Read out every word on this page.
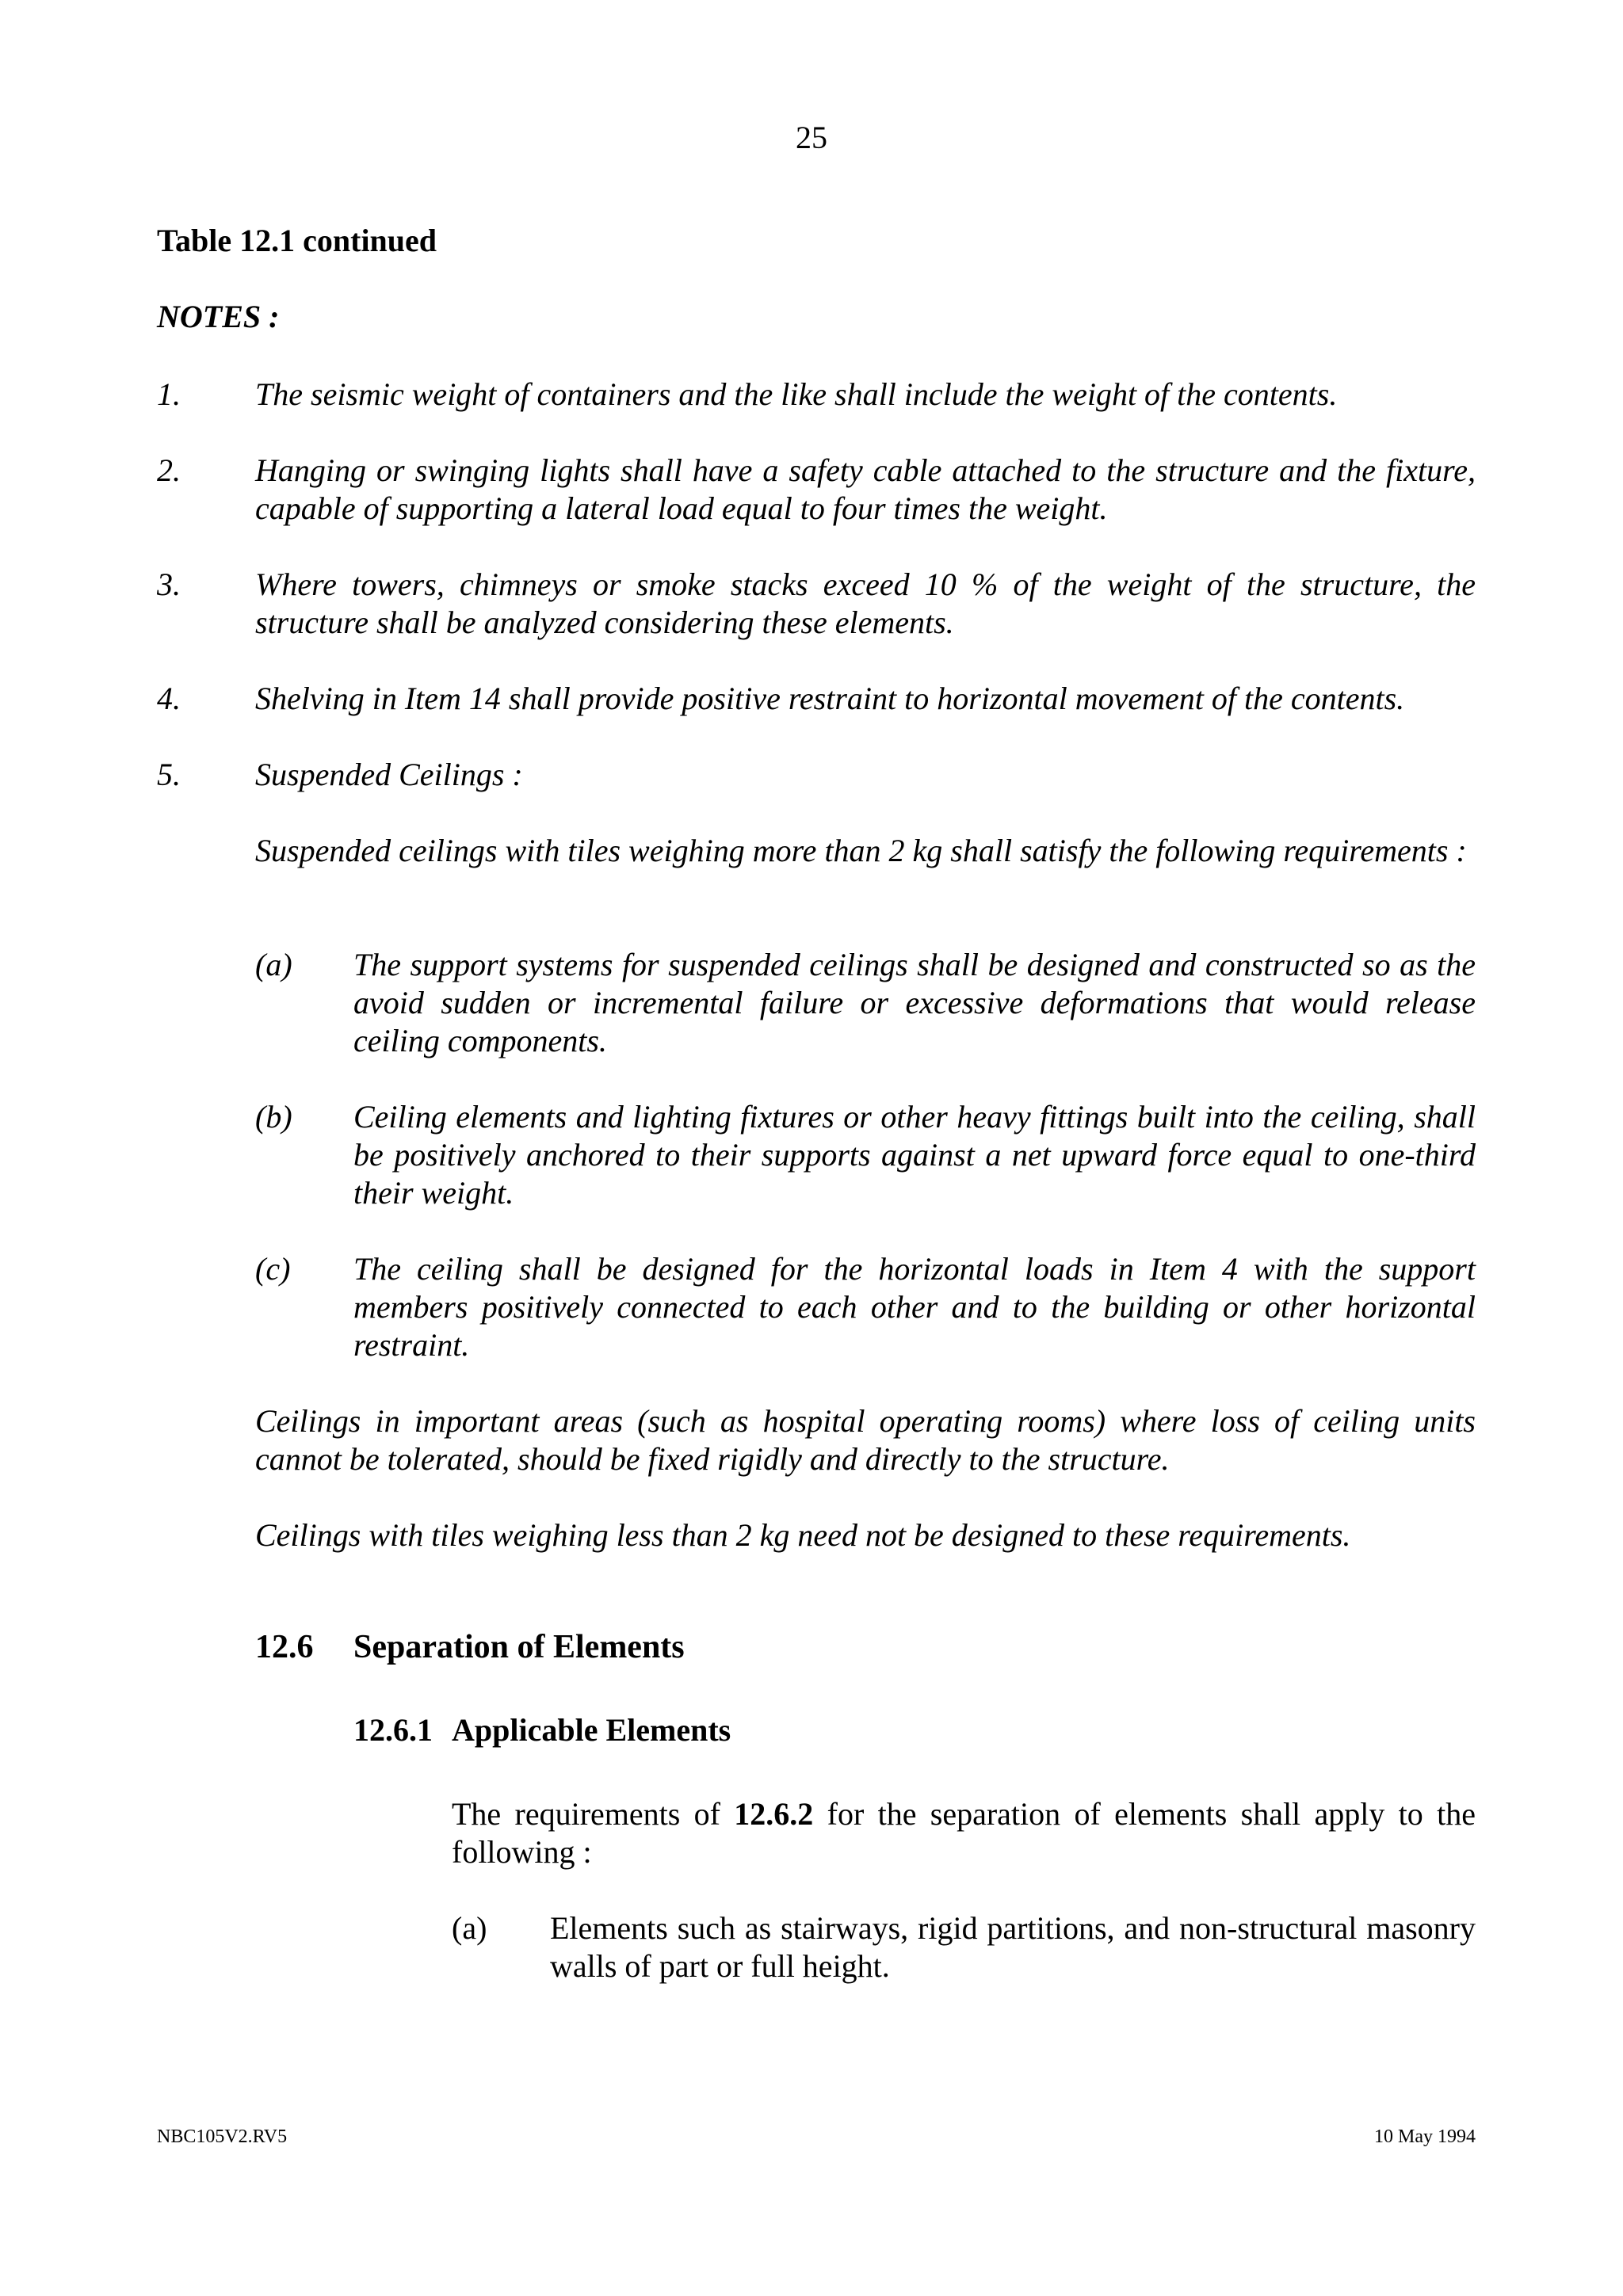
25
Table 12.1 continued
NOTES :
1. The seismic weight of containers and the like shall include the weight of the contents.
2. Hanging or swinging lights shall have a safety cable attached to the structure and the fixture, capable of supporting a lateral load equal to four times the weight.
3. Where towers, chimneys or smoke stacks exceed 10 % of the weight of the structure, the structure shall be analyzed considering these elements.
4. Shelving in Item 14 shall provide positive restraint to horizontal movement of the contents.
5. Suspended Ceilings :
Suspended ceilings with tiles weighing more than 2 kg shall satisfy the following requirements :
(a) The support systems for suspended ceilings shall be designed and constructed so as the avoid sudden or incremental failure or excessive deformations that would release ceiling components.
(b) Ceiling elements and lighting fixtures or other heavy fittings built into the ceiling, shall be positively anchored to their supports against a net upward force equal to one-third their weight.
(c) The ceiling shall be designed for the horizontal loads in Item 4 with the support members positively connected to each other and to the building or other horizontal restraint.
Ceilings in important areas (such as hospital operating rooms) where loss of ceiling units cannot be tolerated, should be fixed rigidly and directly to the structure.
Ceilings with tiles weighing less than 2 kg need not be designed to these requirements.
12.6 Separation of Elements
12.6.1 Applicable Elements
The requirements of 12.6.2 for the separation of elements shall apply to the following :
(a) Elements such as stairways, rigid partitions, and non-structural masonry walls of part or full height.
NBC105V2.RV5	10 May 1994
